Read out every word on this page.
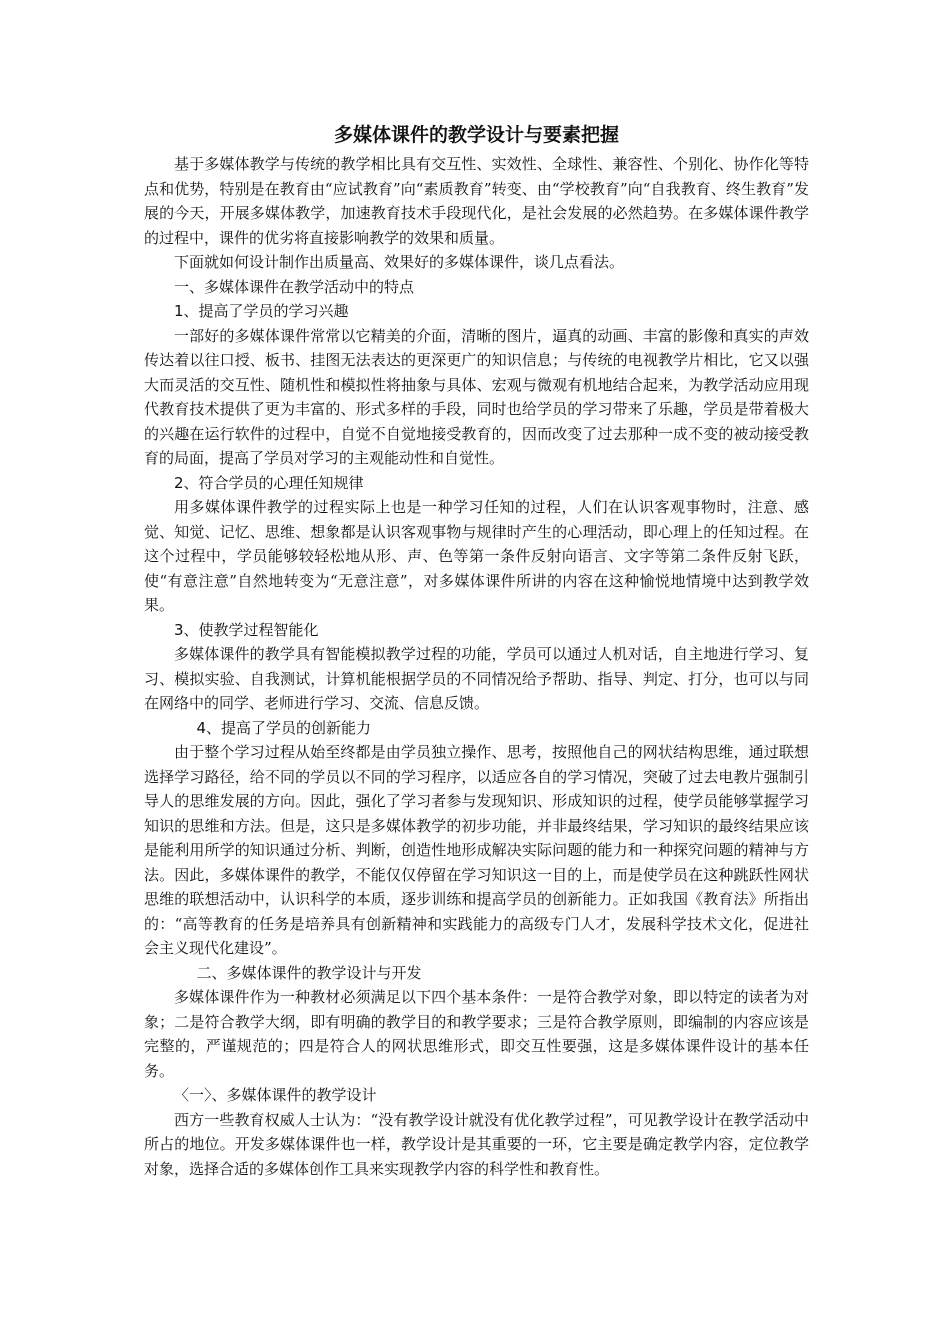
多媒体课件的教学设计与要素把握

基于多媒体教学与传统的教学相比具有交互性、实效性、全球性、兼容性、个别化、协作化等特点和优势，特别是在教育由“应试教育”向“素质教育”转变、由“学校教育”向“自我教育、终生教育”发展的今天，开展多媒体教学，加速教育技术手段现代化，是社会发展的必然趋势。在多媒体课件教学的过程中，课件的优劣将直接影响教学的效果和质量。

下面就如何设计制作出质量高、效果好的多媒体课件，谈几点看法。

一、多媒体课件在教学活动中的特点

1、提高了学员的学习兴趣

一部好的多媒体课件常常以它精美的介面，清晰的图片，逼真的动画、丰富的影像和真实的声效传达着以往口授、板书、挂图无法表达的更深更广的知识信息；与传统的电视教学片相比，它又以强大而灵活的交互性、随机性和模拟性将抽象与具体、宏观与微观有机地结合起来，为教学活动应用现代教育技术提供了更为丰富的、形式多样的手段，同时也给学员的学习带来了乐趣，学员是带着极大的兴趣在运行软件的过程中，自觉不自觉地接受教育的，因而改变了过去那种一成不变的被动接受教育的局面，提高了学员对学习的主观能动性和自觉性。

2、符合学员的心理任知规律

用多媒体课件教学的过程实际上也是一种学习任知的过程，人们在认识客观事物时，注意、感觉、知觉、记忆、思维、想象都是认识客观事物与规律时产生的心理活动，即心理上的任知过程。在这个过程中，学员能够较轻松地从形、声、色等第一条件反射向语言、文字等第二条件反射飞跃，使“有意注意”自然地转变为“无意注意”，对多媒体课件所讲的内容在这种愉悦地情境中达到教学效果。

3、使教学过程智能化

多媒体课件的教学具有智能模拟教学过程的功能，学员可以通过人机对话，自主地进行学习、复习、模拟实验、自我测试，计算机能根据学员的不同情况给予帮助、指导、判定、打分，也可以与同在网络中的同学、老师进行学习、交流、信息反馈。

4、提高了学员的创新能力

由于整个学习过程从始至终都是由学员独立操作、思考，按照他自己的网状结构思维，通过联想选择学习路径，给不同的学员以不同的学习程序，以适应各自的学习情况，突破了过去电教片强制引导人的思维发展的方向。因此，强化了学习者参与发现知识、形成知识的过程，使学员能够掌握学习知识的思维和方法。但是，这只是多媒体教学的初步功能，并非最终结果，学习知识的最终结果应该是能利用所学的知识通过分析、判断，创造性地形成解决实际问题的能力和一种探究问题的精神与方法。因此，多媒体课件的教学，不能仅仅停留在学习知识这一目的上，而是使学员在这种跳跃性网状思维的联想活动中，认识科学的本质，逐步训练和提高学员的创新能力。正如我国《教育法》所指出的：“高等教育的任务是培养具有创新精神和实践能力的高级专门人才，发展科学技术文化，促进社会主义现代化建设”。

二、多媒体课件的教学设计与开发

多媒体课件作为一种教材必须满足以下四个基本条件：一是符合教学对象，即以特定的读者为对象；二是符合教学大纲，即有明确的教学目的和教学要求；三是符合教学原则，即编制的内容应该是完整的，严谨规范的；四是符合人的网状思维形式，即交互性要强，这是多媒体课件设计的基本任务。

〈一〉、多媒体课件的教学设计

西方一些教育权威人士认为：“没有教学设计就没有优化教学过程”，可见教学设计在教学活动中所占的地位。开发多媒体课件也一样，教学设计是其重要的一环，它主要是确定教学内容，定位教学对象，选择合适的多媒体创作工具来实现教学内容的科学性和教育性。
